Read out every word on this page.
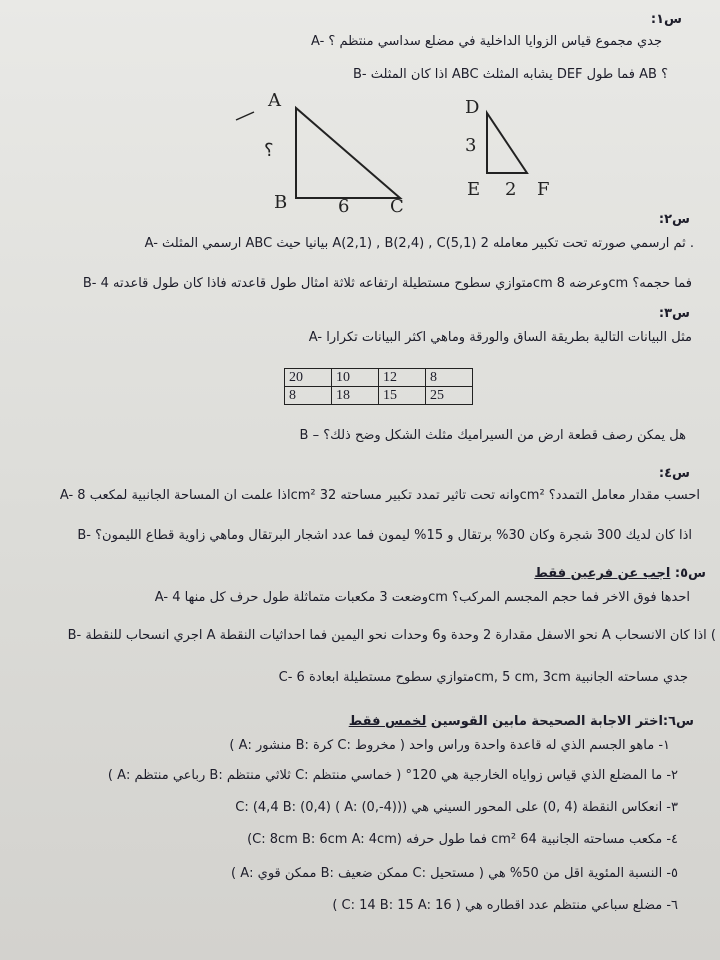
س١:
A- جدي مجموع قياس الزوايا الداخلية في مضلع سداسي منتظم ؟
B- اذا كان المثلث ABC يشابه المثلث DEF فما طول AB ؟
A
؟
B	6 C
D
3
E 2 F
س٢:
A- ارسمي المثلث ABC بيانيا حيث A(2,1) , B(2,4) , C(5,1) ثم ارسمي صورته تحت تكبير معامله 2 .
B- متوازي سطوح مستطيلة ارتفاعه ثلاثة امثال طول قاعدته فاذا كان طول قاعدته 4cm وعرضه 8cm فما حجمه؟
س٣:
A- مثل البيانات التالية بطريقة الساق والورقة وماهي اكثر البيانات تكرارا
20	10	12	8
8	18	15	25
B – هل يمكن رصف قطعة ارض من السيراميك مثلث الشكل وضح ذلك؟
س٤:
A- اذا علمت ان المساحة الجانبية لمكعب 8cm² وانه تحت تاثير تمدد تكبير مساحته 32cm² احسب مقدار معامل التمدد؟
B- اذا كان لديك 300 شجرة وكان 30% برتقال و 15% ليمون فما عدد اشجار البرتقال وماهي زاوية قطاع الليمون؟
س٥: اجب عن فرعين فقط
A- وضعت 3 مكعبات متماثلة طول حرف كل منها 4cm احدها فوق الاخر فما حجم المجسم المركب؟
B- اجري انسحاب للنقطة A نحو الاسفل مقدارة 2 وحدة و6 وحدات نحو اليمين فما احداثيات النقطة A اذا كان الانسحاب (
C- متوازي سطوح مستطيلة ابعادة 6cm, 5 cm, 3cm جدي مساحته الجانبية
س٦:اختر الاجابة الصحيحة مابين القوسين لخمس فقط
١- ماهو الجسم الذي له قاعدة واحدة وراس واحد ( مخروط :C كرة :B منشور :A )
٢- ما المضلع الذي قياس زواياه الخارجية هي 120° ( خماسي منتظم :C ثلاثي منتظم :B رباعي منتظم :A )
٣- انعكاس النقطة (4 ,0) على المحور السيني هي ((C: (4,4 B: (0,4) ( A: (0,-4)
٤- مكعب مساحته الجانبية 64 cm² فما طول حرفه (C: 8cm B: 6cm A: 4cm)
٥- النسبة المئوية اقل من 50% هي ( مستحيل :C ممكن ضعيف :B ممكن قوي :A )
٦- مضلع سباعي منتظم عدد اقطاره هي ( C: 14 B: 15 A: 16 )
